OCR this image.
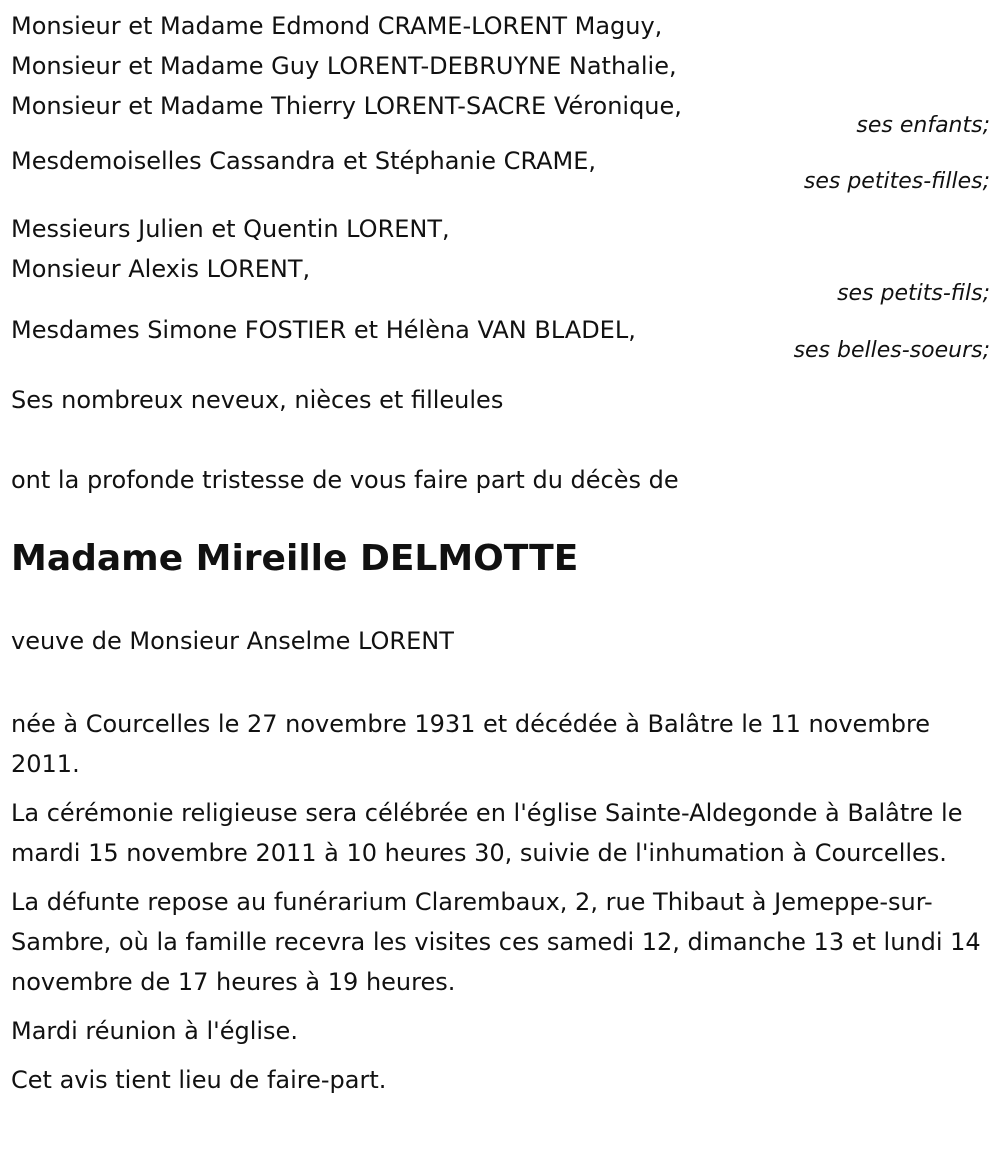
Monsieur et Madame Edmond CRAME-LORENT Maguy,

Monsieur et Madame Guy LORENT-DEBRUYNE Nathalie,

Monsieur et Madame Thierry LORENT-SACRE Véronique,

ses enfants;

Mesdemoiselles Cassandra et Stéphanie CRAME,

ses petites-filles;

Messieurs Julien et Quentin LORENT,

Monsieur Alexis LORENT,

ses petits-fils;

Mesdames Simone FOSTIER et Hélèna VAN BLADEL,

ses belles-soeurs;

Ses nombreux neveux, nièces et filleules

ont la profonde tristesse de vous faire part du décès de

Madame Mireille DELMOTTE

veuve de Monsieur Anselme LORENT

née à Courcelles le 27 novembre 1931 et décédée à Balâtre le 11 novembre 2011.

La cérémonie religieuse sera célébrée en l'église Sainte-Aldegonde à Balâtre le mardi 15 novembre 2011 à 10 heures 30, suivie de l'inhumation à Courcelles.

La défunte repose au funérarium Clarembaux, 2, rue Thibaut à Jemeppe-sur-Sambre, où la famille recevra les visites ces samedi 12, dimanche 13 et lundi 14 novembre de 17 heures à 19 heures.

Mardi réunion à l'église.

Cet avis tient lieu de faire-part.
